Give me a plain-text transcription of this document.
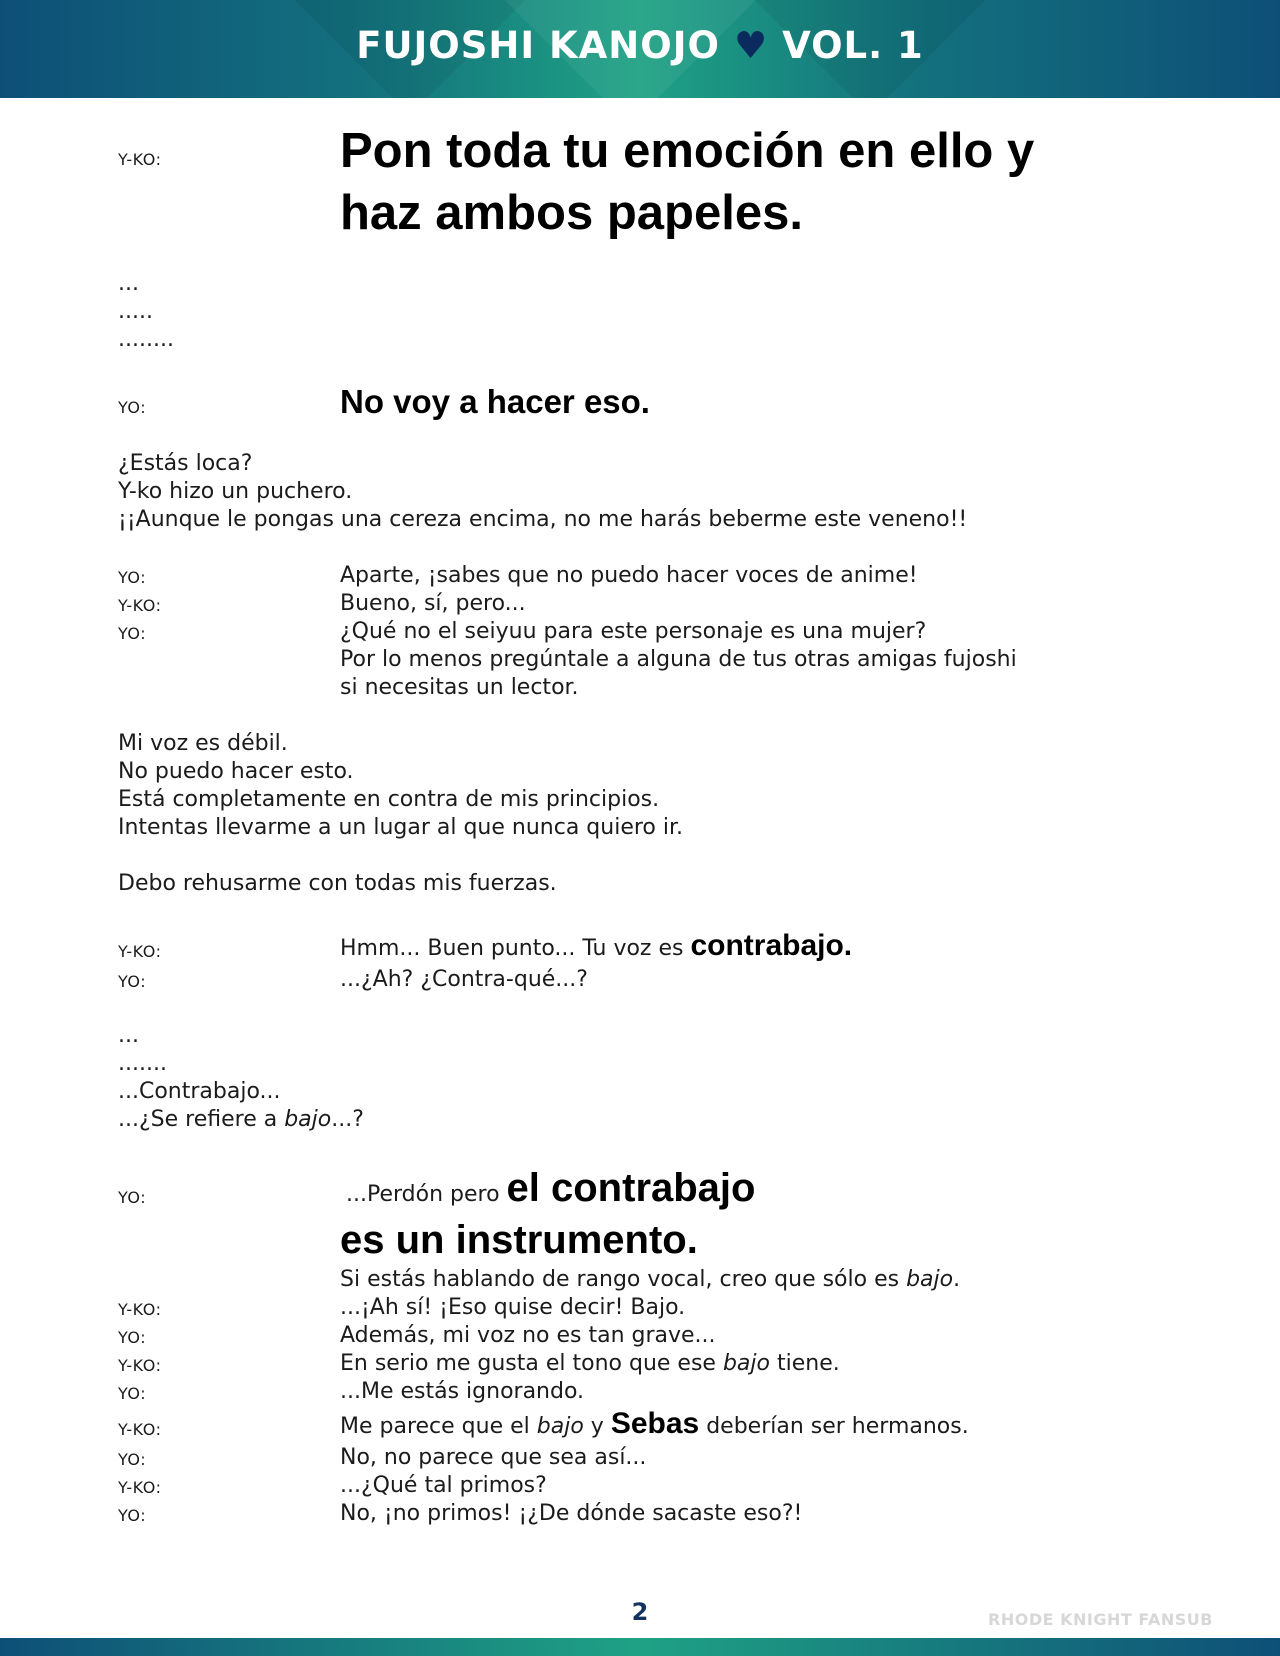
FUJOSHI KANOJO ♥ VOL. 1
Y-KO:	Pon toda tu emoción en ello y
haz ambos papeles.
...
.....
........
YO:	No voy a hacer eso.
¿Estás loca?
Y-ko hizo un puchero.
¡¡Aunque le pongas una cereza encima, no me harás beberme este veneno!!
YO:	Aparte, ¡sabes que no puedo hacer voces de anime!
Y-KO:	Bueno, sí, pero...
YO:	¿Qué no el seiyuu para este personaje es una mujer?
Por lo menos pregúntale a alguna de tus otras amigas fujoshi
si necesitas un lector.
Mi voz es débil.
No puedo hacer esto.
Está completamente en contra de mis principios.
Intentas llevarme a un lugar al que nunca quiero ir.
Debo rehusarme con todas mis fuerzas.
Y-KO:	Hmm... Buen punto... Tu voz es contrabajo.
YO:	...¿Ah? ¿Contra-qué...?
...
.......
...Contrabajo...
...¿Se refiere a bajo...?
YO:	...Perdón pero el contrabajo
es un instrumento.
Si estás hablando de rango vocal, creo que sólo es bajo.
Y-KO:	...¡Ah sí! ¡Eso quise decir! Bajo.
YO:	Además, mi voz no es tan grave...
Y-KO:	En serio me gusta el tono que ese bajo tiene.
YO:	...Me estás ignorando.
Y-KO:	Me parece que el bajo y Sebas deberían ser hermanos.
YO:	No, no parece que sea así...
Y-KO:	...¿Qué tal primos?
YO:	No, ¡no primos! ¡¿De dónde sacaste eso?!
2	RHODE KNIGHT FANSUB
